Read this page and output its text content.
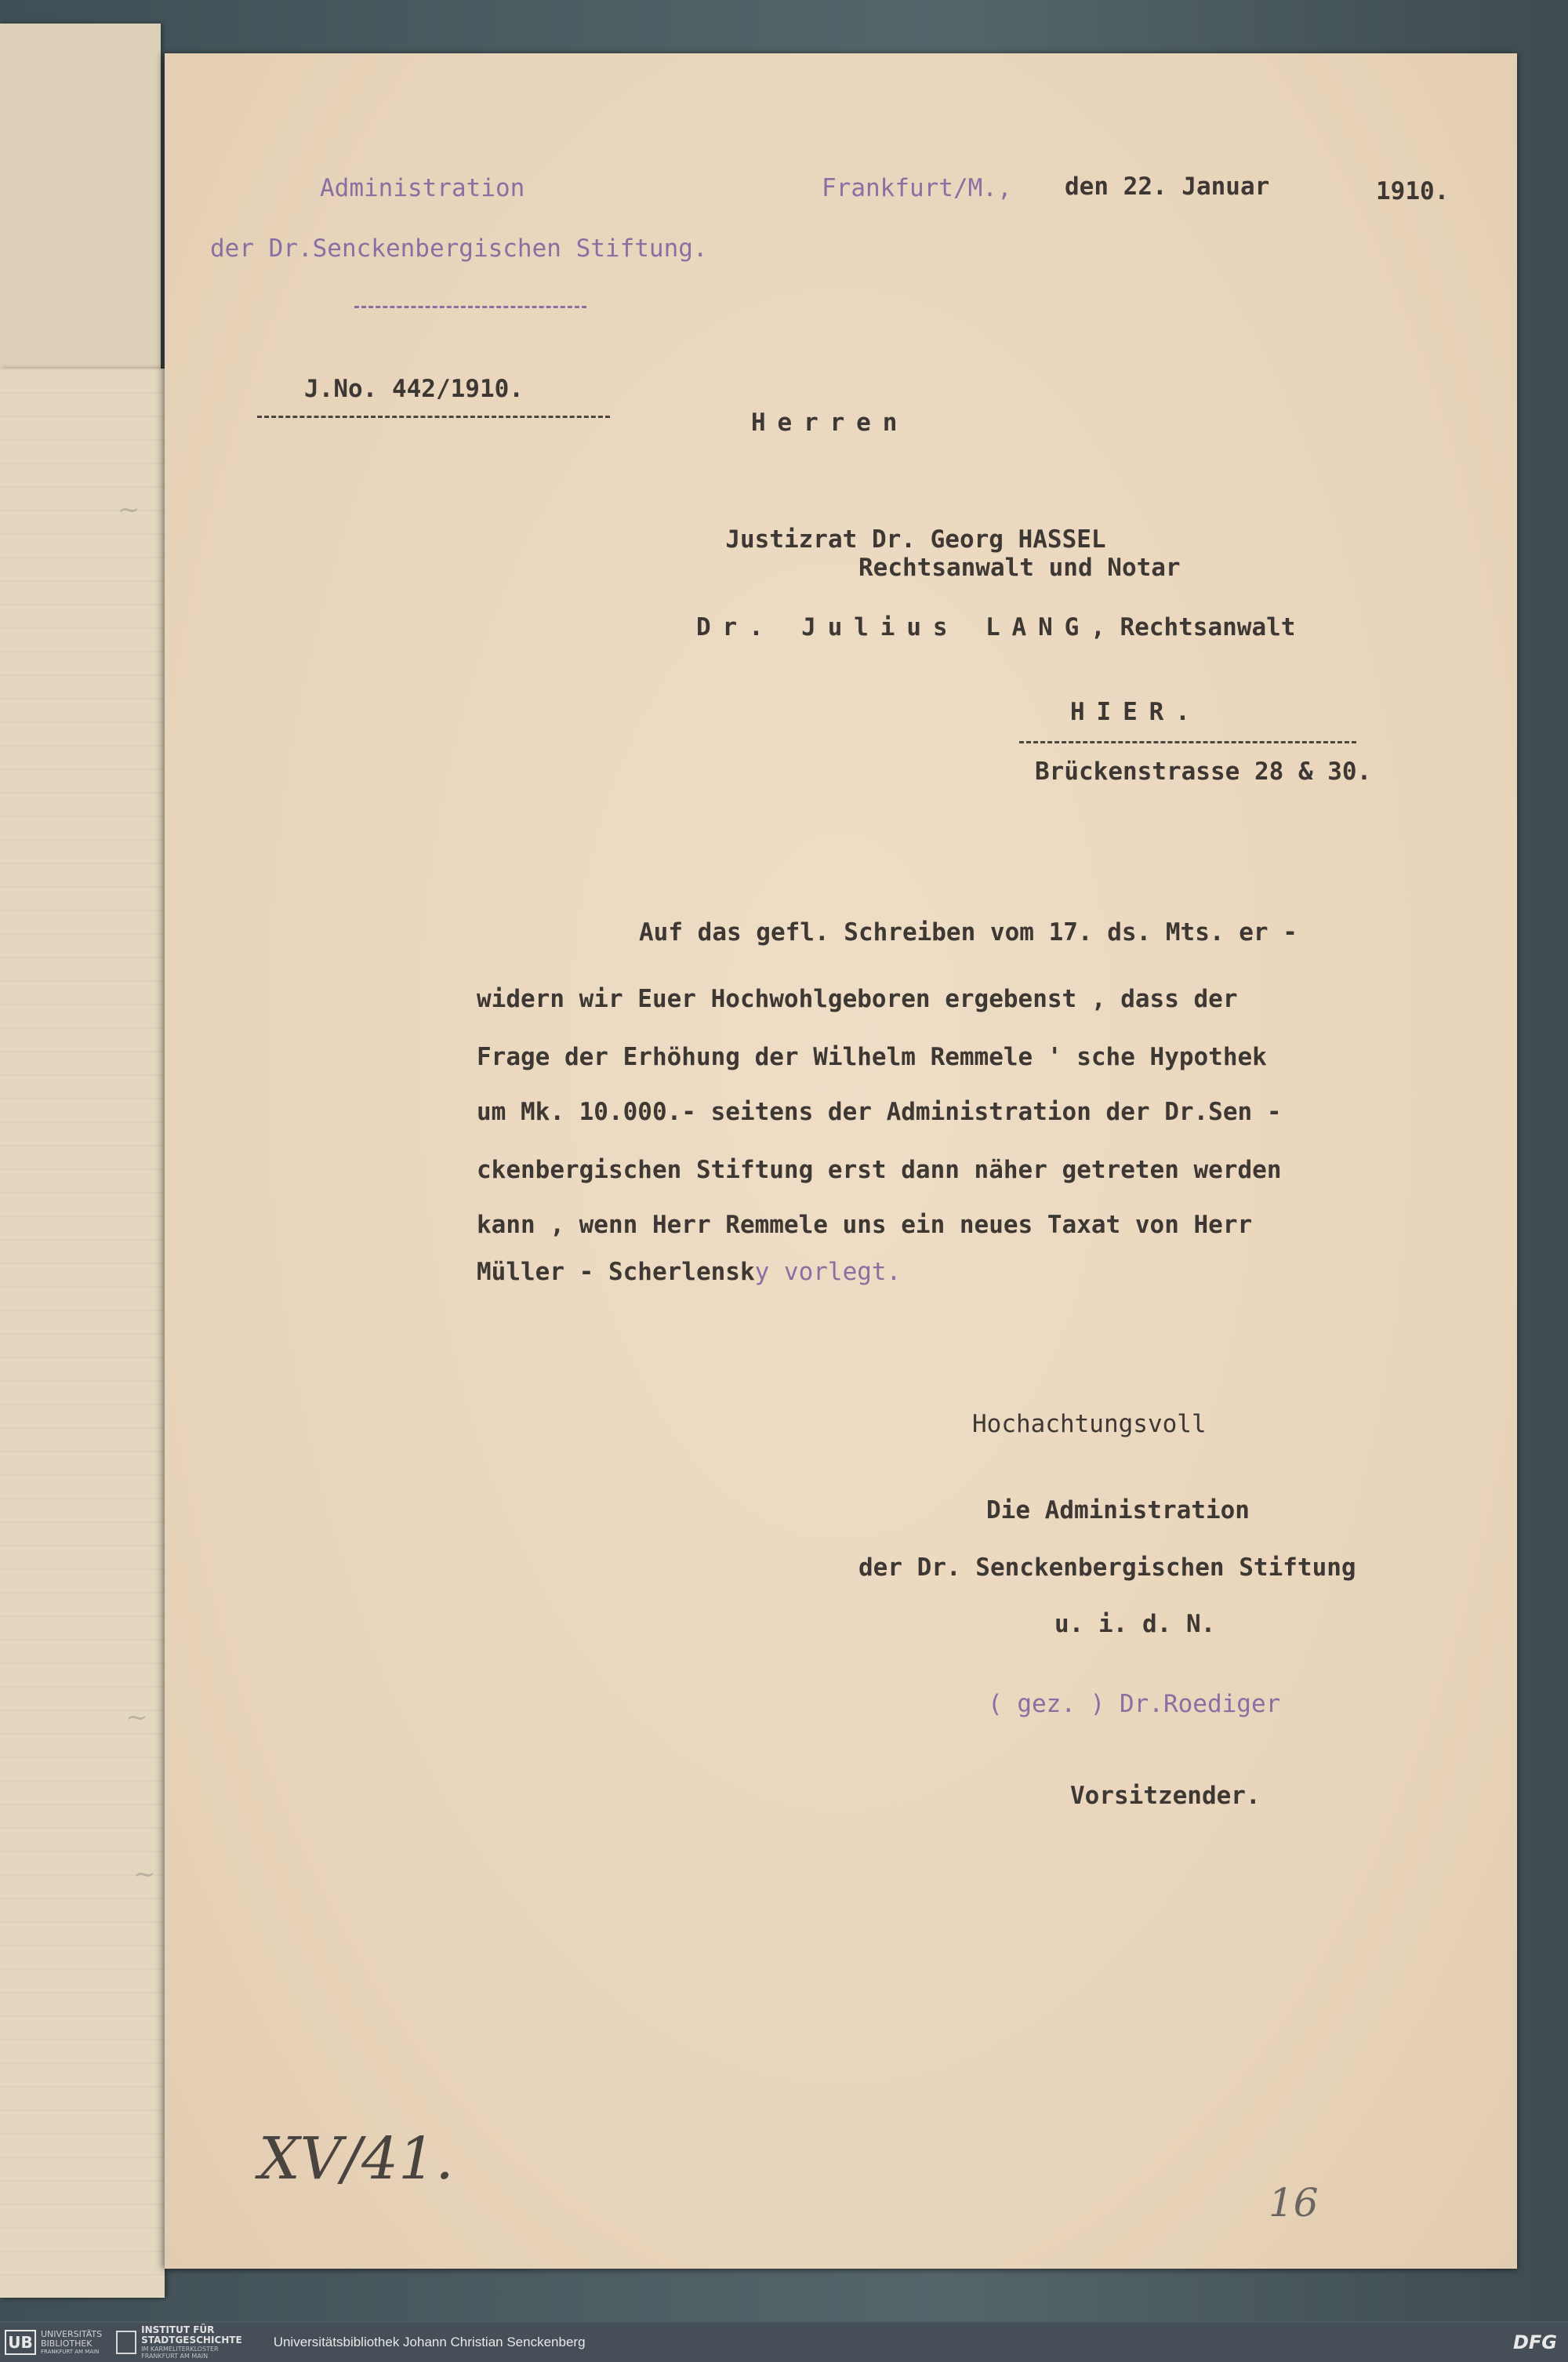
~
~
~
Administration
der Dr.Senckenbergischen Stiftung.
Frankfurt/M., den 22. Januar	1910.
J.No. 442/1910.
Herren

Justizrat Dr. Georg HASSEL

Rechtsanwalt und Notar
Dr. Julius LANG, Rechtsanwalt
HIER.
Brückenstrasse 28 & 30.
Auf das gefl. Schreiben vom 17. ds. Mts. er -
widern wir Euer Hochwohlgeboren ergebenst , dass der
Frage der Erhöhung der Wilhelm Remmele ' sche Hypothek
um Mk. 10.000.- seitens der Administration der Dr.Sen -
ckenbergischen Stiftung erst dann näher getreten werden
kann , wenn Herr Remmele uns ein neues Taxat von Herr
Müller - Scherlensky vorlegt.
Hochachtungsvoll
Die Administration
der Dr. Senckenbergischen Stiftung
u. i. d. N.
( gez. ) Dr.Roediger
Vorsitzender.
XV/41.
16
UB UNIVERSITÄTS
BIBLIOTHEK
FRANKFURT AM MAIN
INSTITUT FÜR
STADTGESCHICHTE
IM KARMELITERKLOSTER
FRANKFURT AM MAIN
Universitätsbibliothek Johann Christian Senckenberg	DFG
